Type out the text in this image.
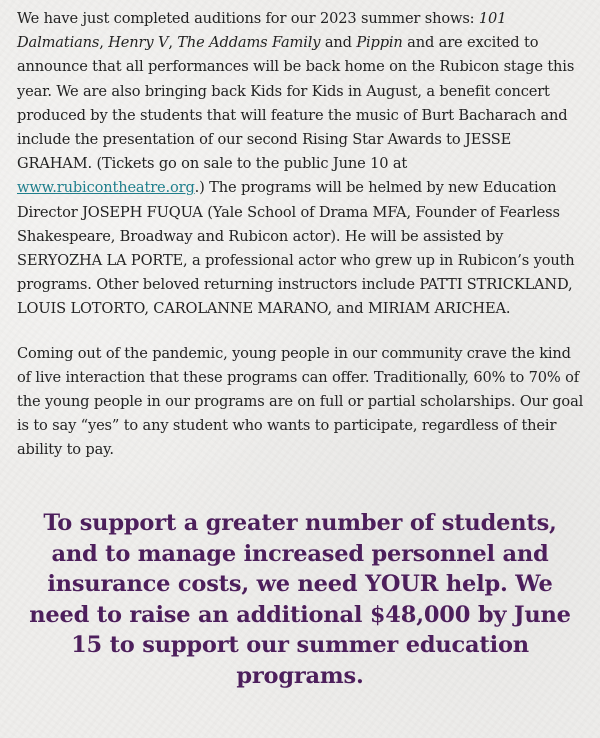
We have just completed auditions for our 2023 summer shows: 101 Dalmatians, Henry V, The Addams Family and Pippin and are excited to announce that all performances will be back home on the Rubicon stage this year. We are also bringing back Kids for Kids in August, a benefit concert produced by the students that will feature the music of Burt Bacharach and include the presentation of our second Rising Star Awards to JESSE GRAHAM. (Tickets go on sale to the public June 10 at www.rubicontheatre.org.) The programs will be helmed by new Education Director JOSEPH FUQUA (Yale School of Drama MFA, Founder of Fearless Shakespeare, Broadway and Rubicon actor). He will be assisted by SERYOZHA LA PORTE, a professional actor who grew up in Rubicon’s youth programs. Other beloved returning instructors include PATTI STRICKLAND, LOUIS LOTORTO, CAROLANNE MARANO, and MIRIAM ARICHEA.

Coming out of the pandemic, young people in our community crave the kind of live interaction that these programs can offer. Traditionally, 60% to 70% of the young people in our programs are on full or partial scholarships. Our goal is to say “yes” to any student who wants to participate, regardless of their ability to pay.

To support a greater number of students, and to manage increased personnel and insurance costs, we need YOUR help. We need to raise an additional $48,000 by June 15 to support our summer education programs.
